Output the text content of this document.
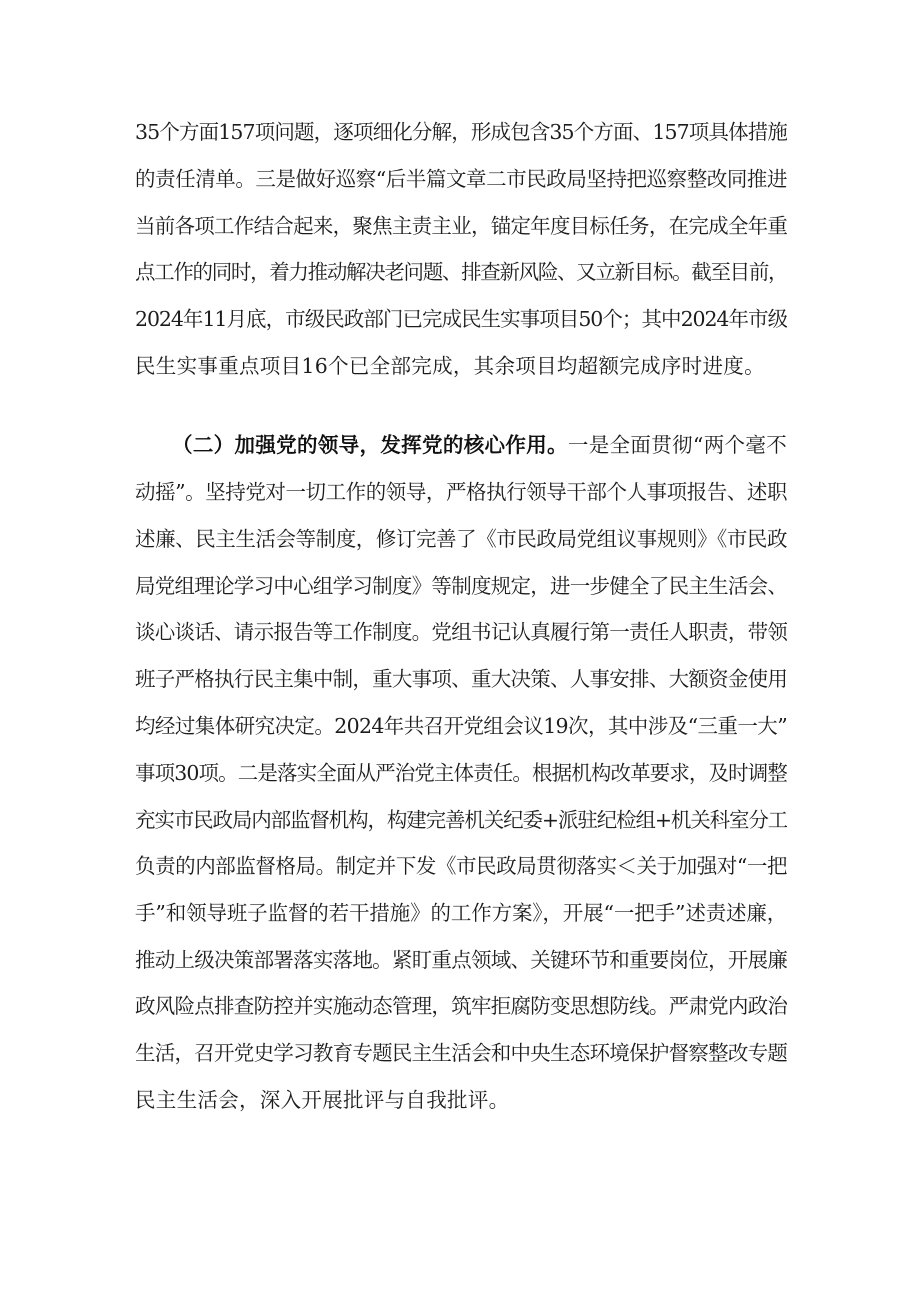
35个方面157项问题，逐项细化分解，形成包含35个方面、157项具体措施
的责任清单。三是做好巡察“后半篇文章二市民政局坚持把巡察整改同推进
当前各项工作结合起来，聚焦主责主业，锚定年度目标任务，在完成全年重
点工作的同时，着力推动解决老问题、排查新风险、又立新目标。截至目前，
2024年11月底，市级民政部门已完成民生实事项目50个；其中2024年市级
民生实事重点项目16个已全部完成，其余项目均超额完成序时进度。
（二）加强党的领导，发挥党的核心作用。一是全面贯彻“两个毫不
动摇”。坚持党对一切工作的领导，严格执行领导干部个人事项报告、述职
述廉、民主生活会等制度，修订完善了《市民政局党组议事规则》《市民政
局党组理论学习中心组学习制度》等制度规定，进一步健全了民主生活会、
谈心谈话、请示报告等工作制度。党组书记认真履行第一责任人职责，带领
班子严格执行民主集中制，重大事项、重大决策、人事安排、大额资金使用
均经过集体研究决定。2024年共召开党组会议19次，其中涉及“三重一大”
事项30项。二是落实全面从严治党主体责任。根据机构改革要求，及时调整
充实市民政局内部监督机构，构建完善机关纪委+派驻纪检组+机关科室分工
负责的内部监督格局。制定并下发《市民政局贯彻落实＜关于加强对“一把
手”和领导班子监督的若干措施》的工作方案》，开展“一把手”述责述廉，
推动上级决策部署落实落地。紧盯重点领域、关键环节和重要岗位，开展廉
政风险点排查防控并实施动态管理，筑牢拒腐防变思想防线。严肃党内政治
生活，召开党史学习教育专题民主生活会和中央生态环境保护督察整改专题
民主生活会，深入开展批评与自我批评。
